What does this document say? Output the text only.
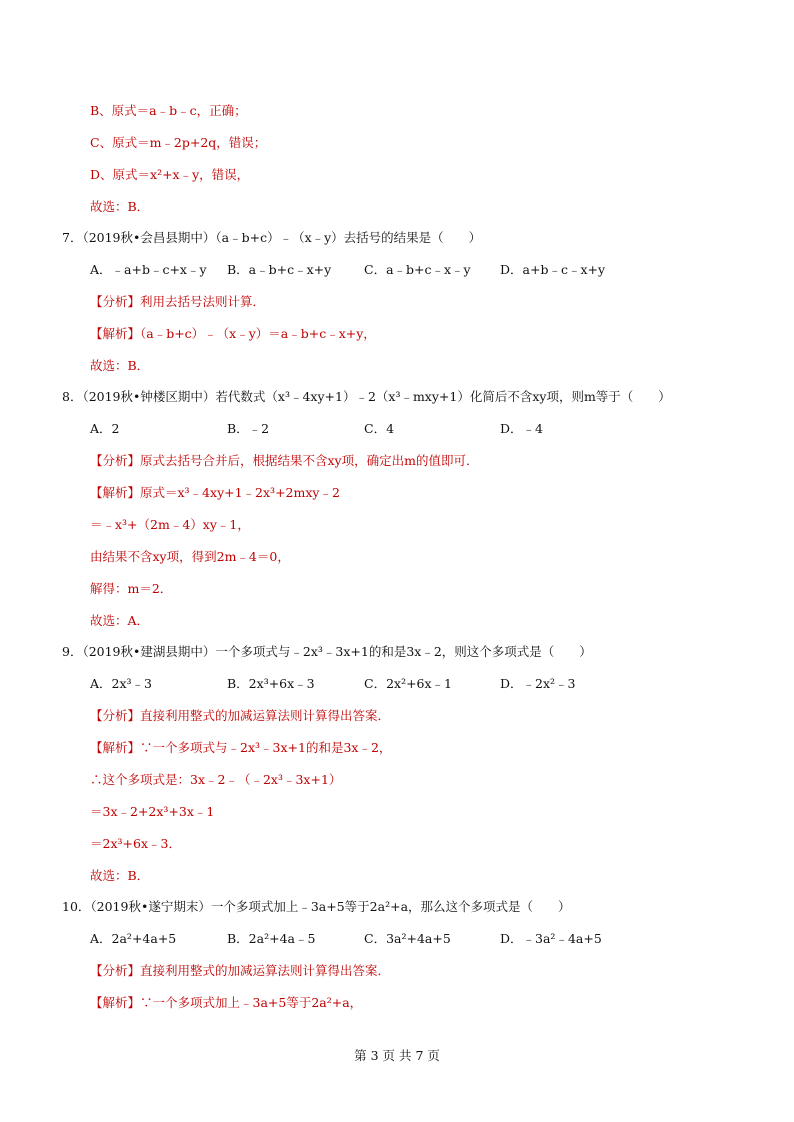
B、原式＝a﹣b﹣c，正确；
C、原式＝m﹣2p+2q，错误；
D、原式＝x²+x﹣y，错误，
故选：B．
7．（2019秋•会昌县期中）（a﹣b+c）﹣（x﹣y）去括号的结果是（　　）
A．﹣a+b﹣c+x﹣y B．a﹣b+c﹣x+y	C．a﹣b+c﹣x﹣y D．a+b﹣c﹣x+y
【分析】利用去括号法则计算．
【解析】（a﹣b+c）﹣（x﹣y）＝a﹣b+c﹣x+y，
故选：B．
8．（2019秋•钟楼区期中）若代数式（x³﹣4xy+1）﹣2（x³﹣mxy+1）化简后不含xy项，则m等于（　　）
A．2	B．﹣2	C．4	D．﹣4
【分析】原式去括号合并后，根据结果不含xy项，确定出m的值即可．
【解析】原式＝x³﹣4xy+1﹣2x³+2mxy﹣2
＝﹣x³+（2m﹣4）xy﹣1，
由结果不含xy项，得到2m﹣4＝0，
解得：m＝2．
故选：A．
9．（2019秋•建湖县期中）一个多项式与﹣2x³﹣3x+1的和是3x﹣2，则这个多项式是（　　）
A．2x³﹣3	B．2x³+6x﹣3	C．2x²+6x﹣1	D．﹣2x²﹣3
【分析】直接利用整式的加减运算法则计算得出答案．
【解析】∵一个多项式与﹣2x³﹣3x+1的和是3x﹣2，
∴这个多项式是：3x﹣2﹣（﹣2x³﹣3x+1）
＝3x﹣2+2x³+3x﹣1
＝2x³+6x﹣3．
故选：B．
10．（2019秋•遂宁期末）一个多项式加上﹣3a+5等于2a²+a，那么这个多项式是（　　）
A．2a²+4a+5	B．2a²+4a﹣5	C．3a²+4a+5	D．﹣3a²﹣4a+5
【分析】直接利用整式的加减运算法则计算得出答案．
【解析】∵一个多项式加上﹣3a+5等于2a²+a，
第 3 页 共 7 页
